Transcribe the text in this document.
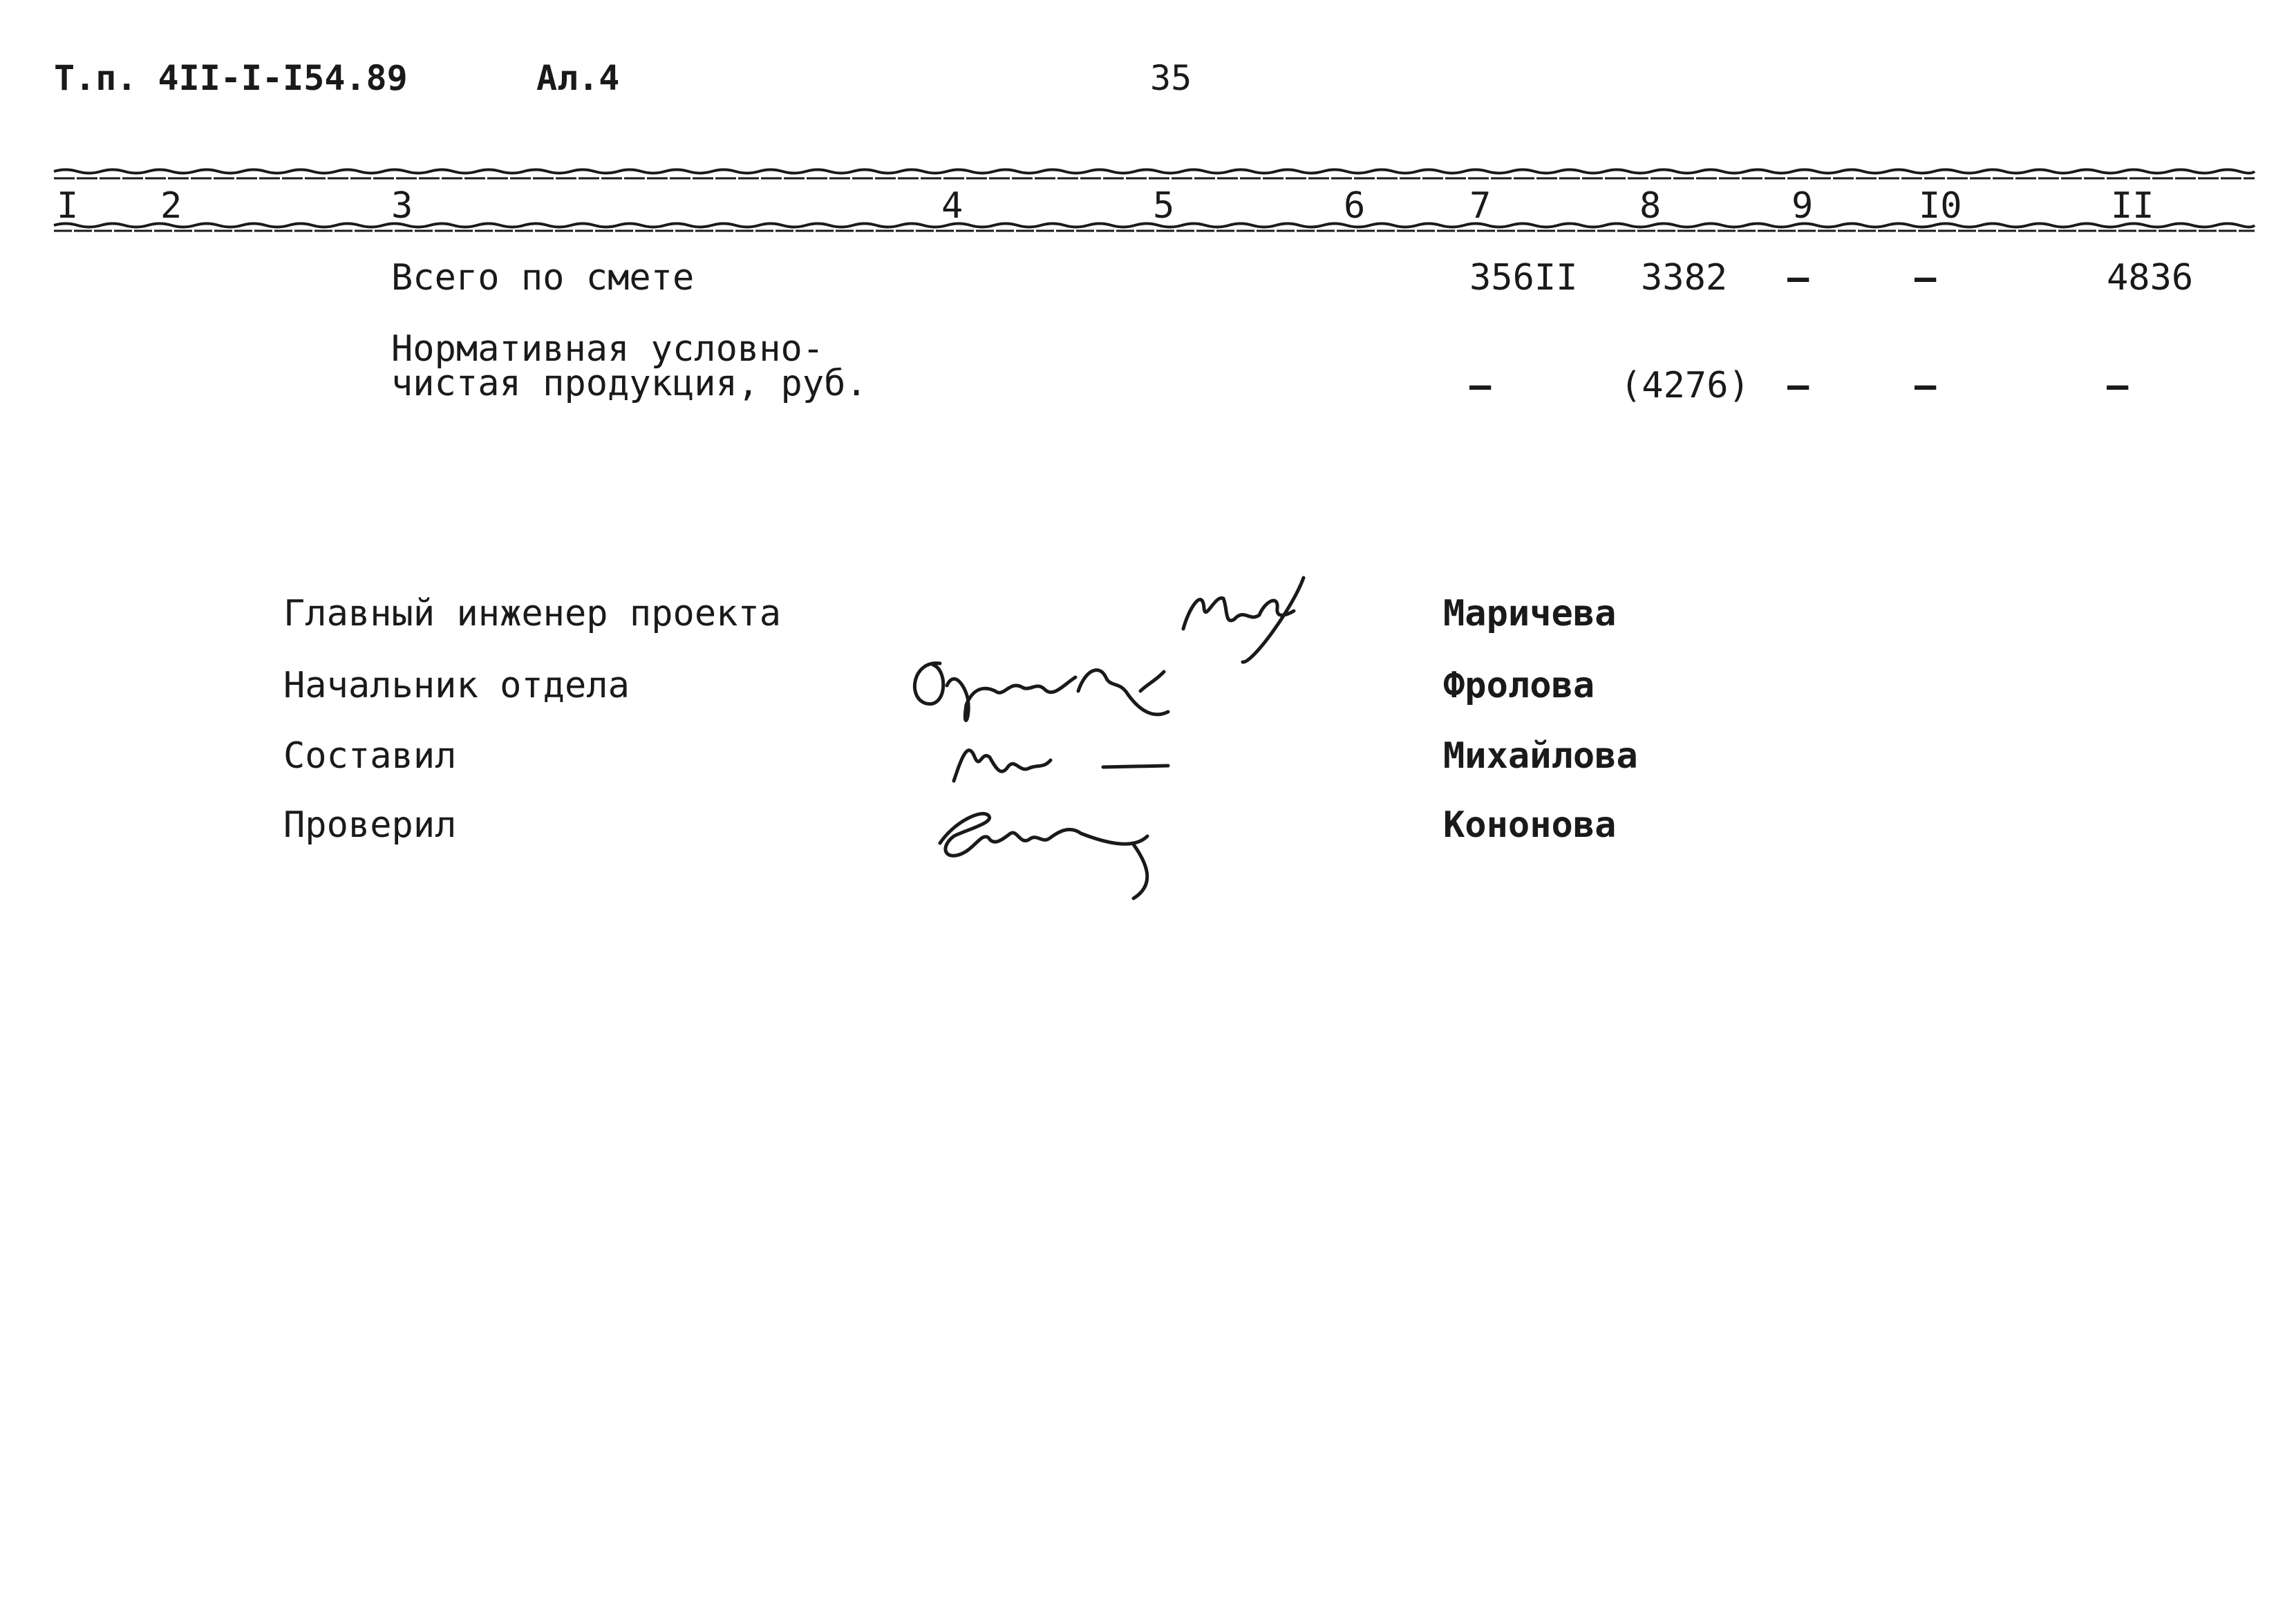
Т.п. 4II-I-I54.89	Ал.4	35
I 2	3	4	5	6	7	8	9	I0	II
Всего по смете	356II 3382 –	–	4836
Нормативная условно-
чистая продукция, руб.	–	(4276) –	–	–
Главный инженер проекта
Начальник отдела
Составил
Проверил
Маричева
Фролова
Михайлова
Кононова
